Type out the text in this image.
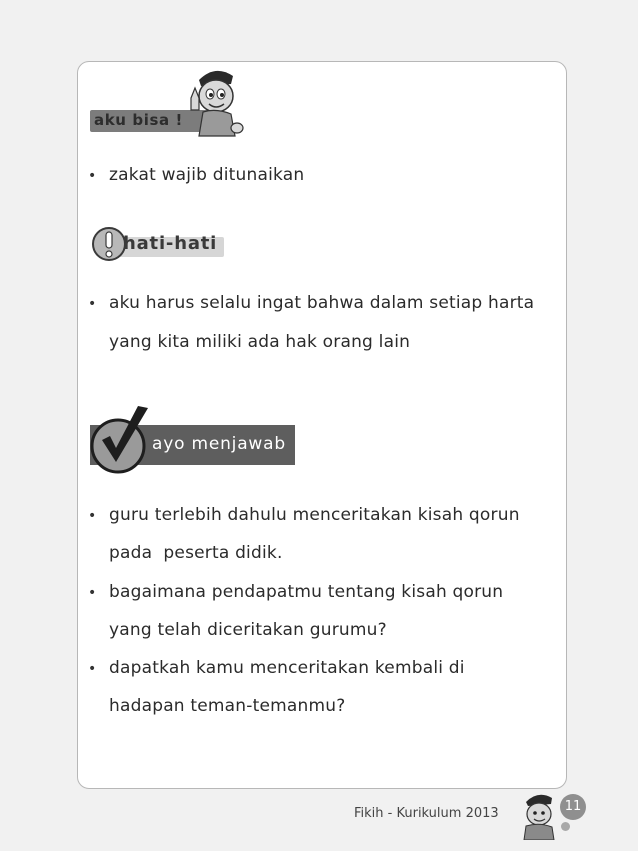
aku bisa !
• zakat wajib ditunaikan
hati-hati
• aku harus selalu ingat bahwa dalam setiap harta
yang kita miliki ada hak orang lain
ayo menjawab
• guru terlebih dahulu menceritakan kisah qorun
pada  peserta didik.
• bagaimana pendapatmu tentang kisah qorun
yang telah diceritakan gurumu?
• dapatkah kamu menceritakan kembali di
hadapan teman-temanmu?
Fikih - Kurikulum 2013	11
